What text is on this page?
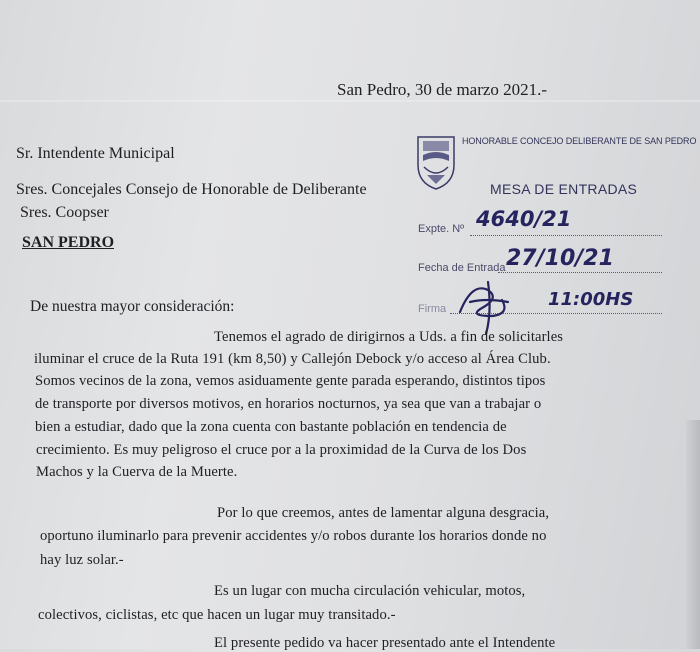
San Pedro, 30 de marzo 2021.-
Sr. Intendente Municipal
Sres. Concejales Consejo de Honorable de Deliberante
Sres. Coopser
SAN PEDRO
HONORABLE CONCEJO DELIBERANTE DE SAN PEDRO
MESA DE ENTRADAS
Expte. Nº 4640/21
Fecha de Entrada 27/10/21
Firma	11:00HS
De nuestra mayor consideración:
Tenemos el agrado de dirigirnos a Uds. a fin de solicitarles
iluminar el cruce de la Ruta 191 (km 8,50) y Callejón Debock y/o acceso al Área Club.
Somos vecinos de la zona, vemos asiduamente gente parada esperando, distintos tipos
de transporte por diversos motivos, en horarios nocturnos, ya sea que van a trabajar o
bien a estudiar, dado que la zona cuenta con bastante población en tendencia de
crecimiento. Es muy peligroso el cruce por a la proximidad de la Curva de los Dos
Machos y la Cuerva de la Muerte.
Por lo que creemos, antes de lamentar alguna desgracia,
oportuno iluminarlo para prevenir accidentes y/o robos durante los horarios donde no
hay luz solar.-
Es un lugar con mucha circulación vehicular, motos,
colectivos, ciclistas, etc que hacen un lugar muy transitado.-
El presente pedido va hacer presentado ante el Intendente
